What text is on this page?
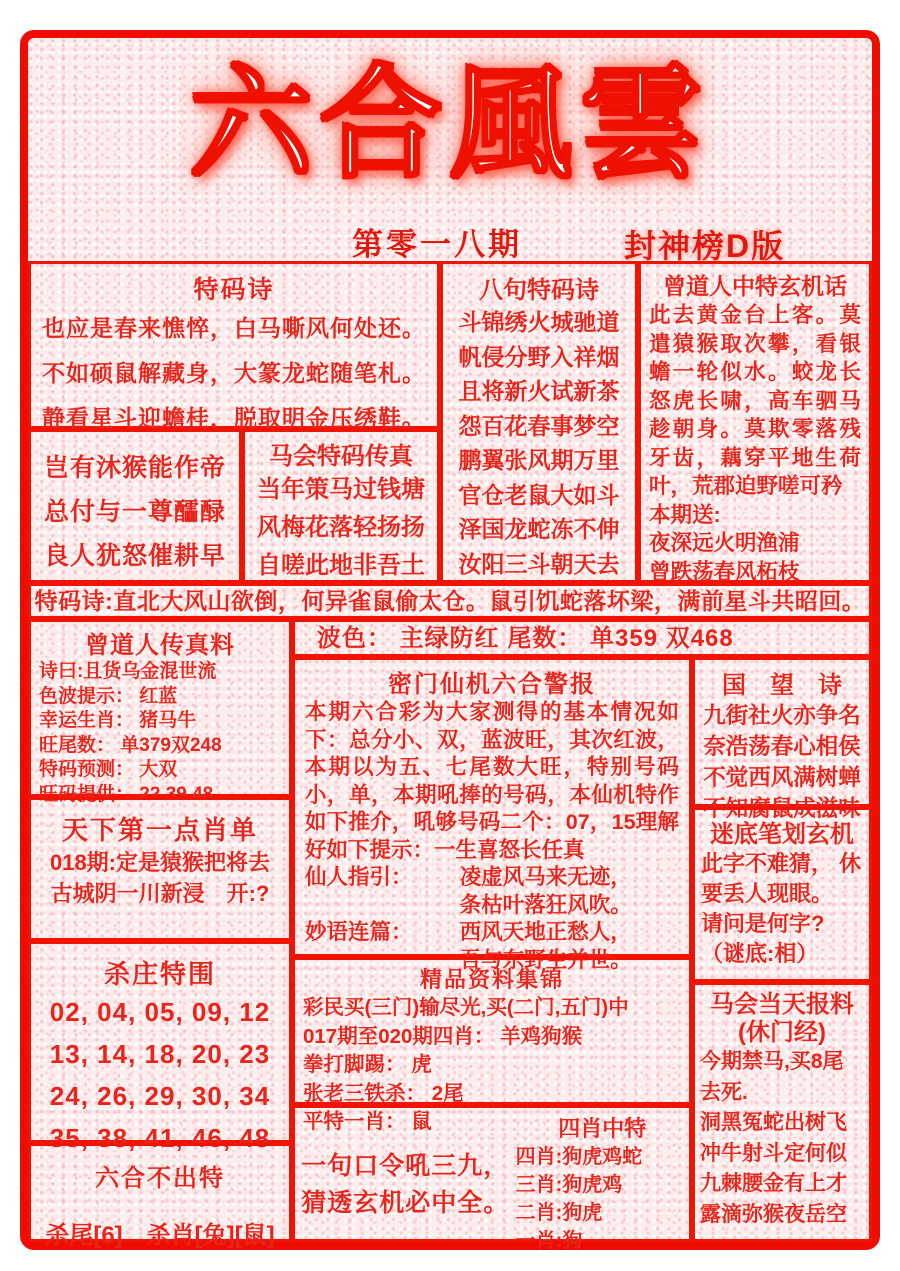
六合風雲
第零一八期	封神榜D版
特码诗
也应是春来憔悴，白马嘶风何处还。
不如硕鼠解藏身，大篆龙蛇随笔札。
静看星斗迎蟾桂，脱取明金压绣鞋。
八句特码诗
斗锦绣火城驰道
帆侵分野入祥烟
且将新火试新茶
怨百花春事梦空
鹏翼张风期万里
官仓老鼠大如斗
泽国龙蛇冻不伸
汝阳三斗朝天去
曾道人中特玄机话
此去黄金台上客。莫遣猿猴取次攀，看银蟾一轮似水。蛟龙长怒虎长啸，高车驷马趁朝身。莫欺零落残牙齿，藕穿平地生荷叶，荒郡迫野嗟可矜
本期送:
夜深远火明渔浦
曾跌荡春风柘枝
岂有沐猴能作帝
总付与一尊醽醁
良人犹怒催耕早
马会特码传真
当年策马过钱塘
风梅花落轻扬扬
自嗟此地非吾土
特码诗:直北大风山欲倒，何异雀鼠偷太仓。鼠引饥蛇落坏梁，满前星斗共昭回。
曾道人传真料
诗曰:且货乌金混世流
色波提示： 红蓝
幸运生肖： 猪马牛
旺尾数： 单379双248
特码预测： 大双
旺码提供： 22 39 48
天下第一点肖单
018期:定是猿猴把将去
古城阴一川新浸　开:?
杀庄特围
02, 04, 05, 09, 12
13, 14, 18, 20, 23
24, 26, 29, 30, 34
35, 38, 41, 46, 48
六合不出特
杀尾[6]　杀肖[兔][鼠]
波色： 主绿防红 尾数： 单359 双468
密门仙机六合警报
本期六合彩为大家测得的基本情况如下：总分小、双，蓝波旺，其次红波，本期以为五、七尾数大旺，特别号码小，单，本期吼捧的号码，本仙机特作如下推介，吼够号码二个：07，15理解好如下提示：一生喜怒长任真
仙人指引：	凌虚风马来无迹，
条枯叶落狂风吹。
妙语连篇：	西风天地正愁人，
吾与东野生并世。
精品资料集锦
彩民买(三门)输尽光,买(二门,五门)中
017期至020期四肖： 羊鸡狗猴
拳打脚踢： 虎
张老三铁杀： 2尾
平特一肖： 鼠
一句口令吼三九，
猜透玄机必中全。
四肖中特
四肖:狗虎鸡蛇
三肖:狗虎鸡
二肖:狗虎
一肖:狗
国　望　诗
九街社火亦争名
奈浩荡春心相侯
不觉西风满树蝉
不知腐鼠成滋味
迷底笔划玄机
此字不难猜， 休
要丢人现眼。
请问是何字?
（谜底:相）
马会当天报料
(休门经)
今期禁马,买8尾
去死.
洞黑冤蛇出树飞
冲牛射斗定何似
九棘腰金有上才
露滴弥猴夜岳空
